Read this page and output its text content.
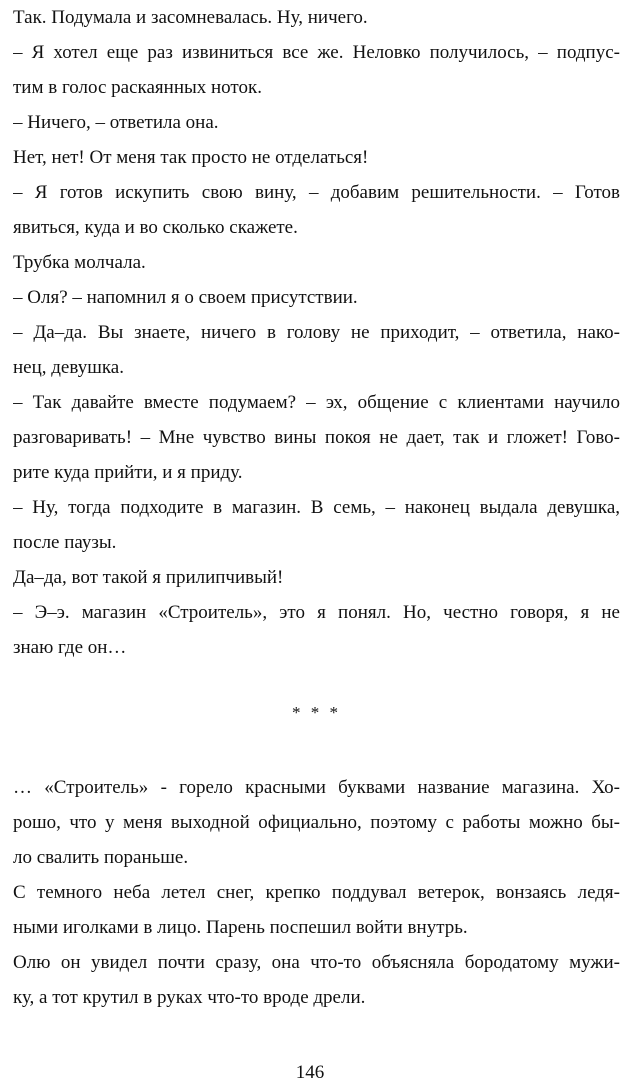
Так. Подумала и засомневалась. Ну, ничего.
– Я хотел еще раз извиниться все же. Неловко получилось, – подпус-
тим в голос раскаянных ноток.
– Ничего, – ответила она.
Нет, нет! От меня так просто не отделаться!
– Я готов искупить свою вину, – добавим решительности. – Готов
явиться, куда и во сколько скажете.
Трубка молчала.
– Оля? – напомнил я о своем присутствии.
– Да–да. Вы знаете, ничего в голову не приходит, – ответила, нако-
нец, девушка.
– Так давайте вместе подумаем? – эх, общение с клиентами научило
разговаривать! – Мне чувство вины покоя не дает, так и гложет! Гово-
рите куда прийти, и я приду.
– Ну, тогда подходите в магазин. В семь, – наконец выдала девушка,
после паузы.
Да–да, вот такой я прилипчивый!
– Э–э. магазин «Строитель», это я понял. Но, честно говоря, я не
знаю где он…
* * *
… «Строитель» - горело красными буквами название магазина. Хо-
рошо, что у меня выходной официально, поэтому с работы можно бы-
ло свалить пораньше.
С темного неба летел снег, крепко поддувал ветерок, вонзаясь ледя-
ными иголками в лицо. Парень поспешил войти внутрь.
Олю он увидел почти сразу, она что-то объясняла бородатому мужи-
ку, а тот крутил в руках что-то вроде дрели.
146
